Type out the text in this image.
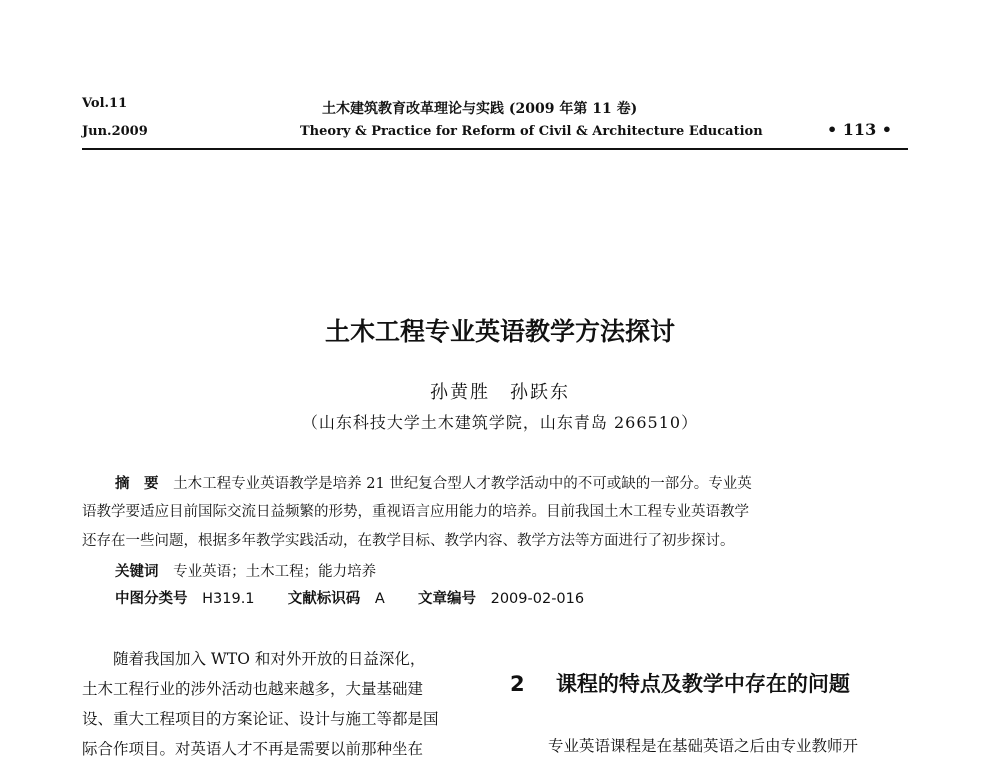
Vol.11
Jun.2009
土木建筑教育改革理论与实践 (2009 年第 11 卷)
Theory & Practice for Reform of Civil & Architecture Education	• 113 •
土木工程专业英语教学方法探讨
孙黄胜　孙跃东
（山东科技大学土木建筑学院，山东青岛 266510）
摘　要 土木工程专业英语教学是培养 21 世纪复合型人才教学活动中的不可或缺的一部分。专业英
语教学要适应目前国际交流日益频繁的形势，重视语言应用能力的培养。目前我国土木工程专业英语教学
还存在一些问题，根据多年教学实践活动，在教学目标、教学内容、教学方法等方面进行了初步探讨。
关键词 专业英语；土木工程；能力培养
中图分类号 H319.1 文献标识码 A 文章编号 2009-02-016
　　随着我国加入 WTO 和对外开放的日益深化，
土木工程行业的涉外活动也越来越多，大量基础建
设、重大工程项目的方案论证、设计与施工等都是国
际合作项目。对英语人才不再是需要以前那种坐在
2 课程的特点及教学中存在的问题
专业英语课程是在基础英语之后由专业教师开
